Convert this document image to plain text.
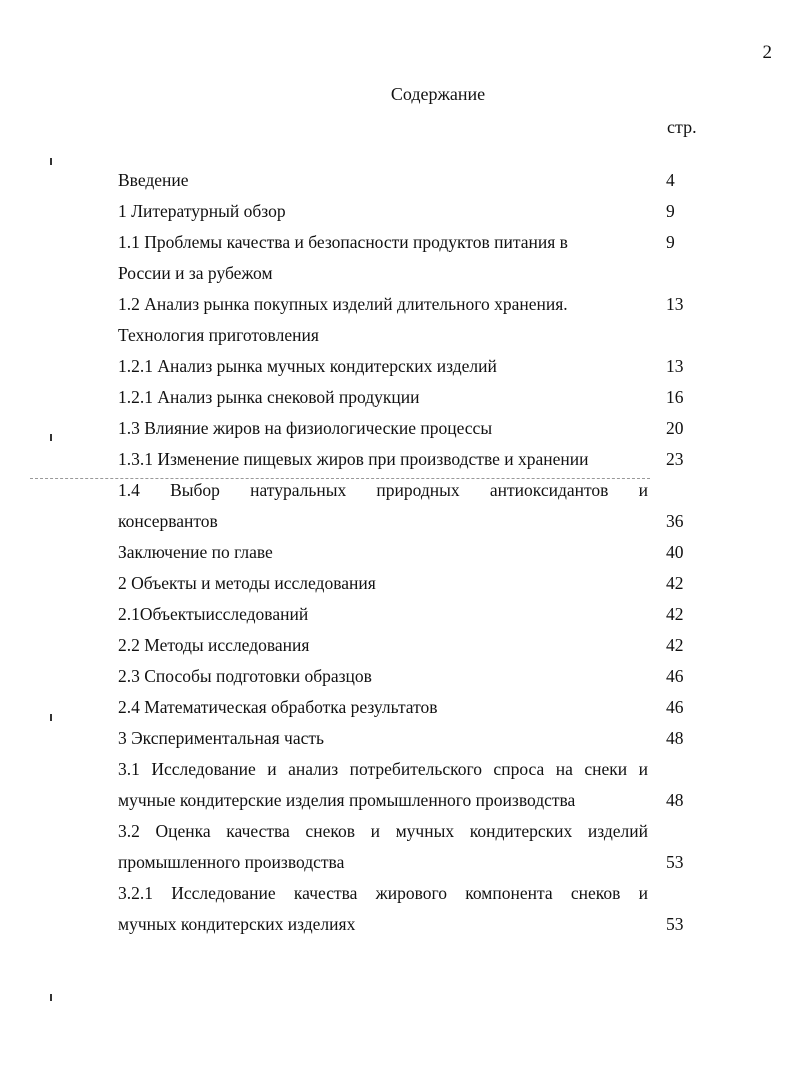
2
Содержание
стр.
Введение	4
1 Литературный обзор	9
1.1 Проблемы качества и безопасности продуктов питания в	9
России и за рубежом
1.2 Анализ рынка покупных изделий длительного хранения.	13
Технология приготовления
1.2.1 Анализ рынка мучных кондитерских изделий	13
1.2.1 Анализ рынка снековой продукции	16
1.3 Влияние жиров на физиологические процессы	20
1.3.1 Изменение пищевых жиров при производстве и хранении	23
1.4 Выбор натуральных природных антиоксидантов и
консервантов	36
Заключение по главе	40
2 Объекты и методы исследования	42
2.1Объектыисследований	42
2.2 Методы исследования	42
2.3 Способы подготовки образцов	46
2.4 Математическая обработка результатов	46
3 Экспериментальная часть	48
3.1 Исследование и анализ потребительского спроса на снеки и
мучные кондитерские изделия промышленного производства	48
3.2 Оценка качества снеков и мучных кондитерских изделий
промышленного производства	53
3.2.1 Исследование качества жирового компонента снеков и
мучных кондитерских изделиях	53
